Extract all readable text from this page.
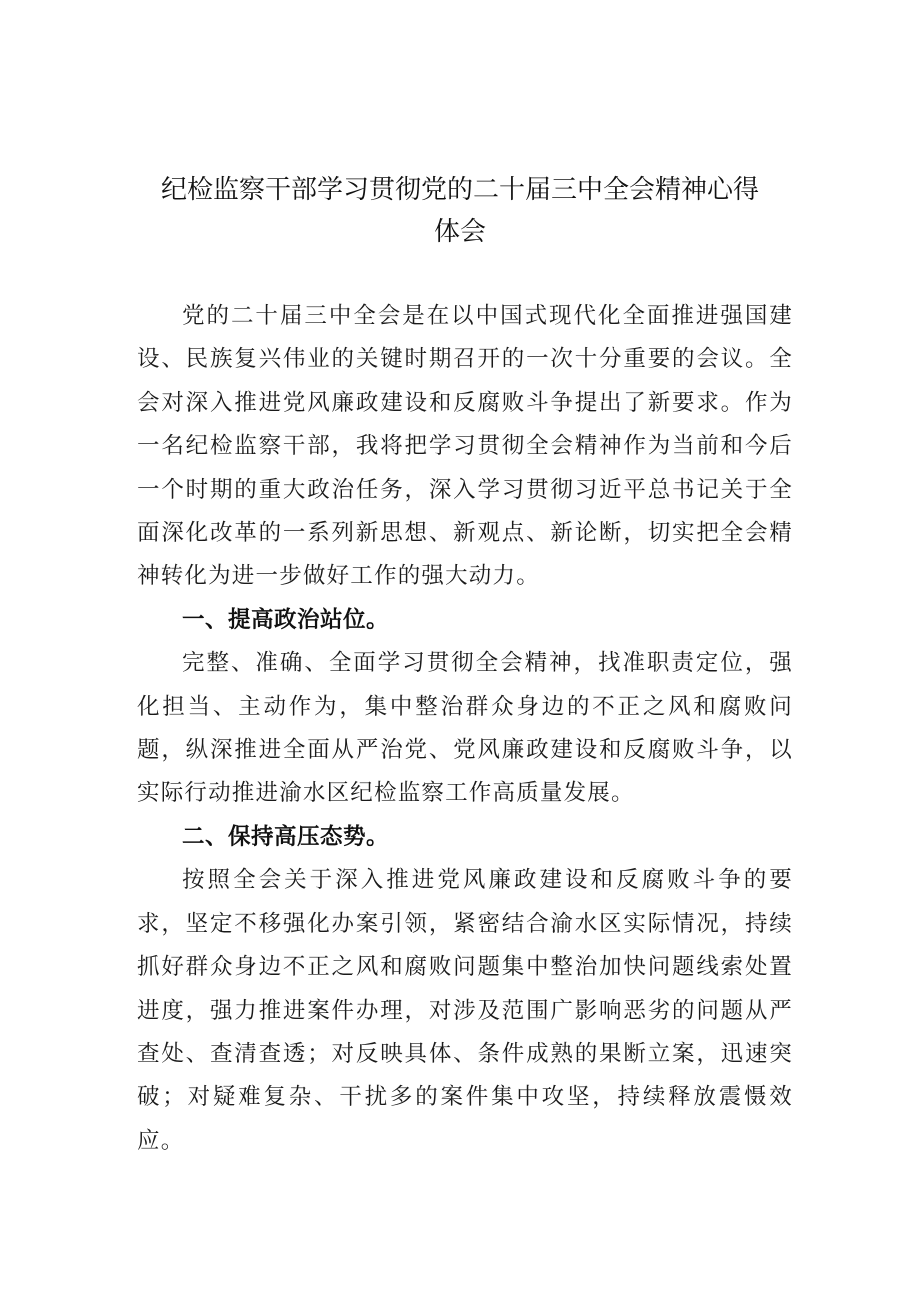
纪检监察干部学习贯彻党的二十届三中全会精神心得
体会

党的二十届三中全会是在以中国式现代化全面推进强国建设、民族复兴伟业的关键时期召开的一次十分重要的会议。全会对深入推进党风廉政建设和反腐败斗争提出了新要求。作为一名纪检监察干部，我将把学习贯彻全会精神作为当前和今后一个时期的重大政治任务，深入学习贯彻习近平总书记关于全面深化改革的一系列新思想、新观点、新论断，切实把全会精神转化为进一步做好工作的强大动力。

一、提高政治站位。

完整、准确、全面学习贯彻全会精神，找准职责定位，强化担当、主动作为，集中整治群众身边的不正之风和腐败问题，纵深推进全面从严治党、党风廉政建设和反腐败斗争，以实际行动推进渝水区纪检监察工作高质量发展。

二、保持高压态势。

按照全会关于深入推进党风廉政建设和反腐败斗争的要求，坚定不移强化办案引领，紧密结合渝水区实际情况，持续抓好群众身边不正之风和腐败问题集中整治加快问题线索处置进度，强力推进案件办理，对涉及范围广影响恶劣的问题从严查处、查清查透；对反映具体、条件成熟的果断立案，迅速突破；对疑难复杂、干扰多的案件集中攻坚，持续释放震慑效应。
